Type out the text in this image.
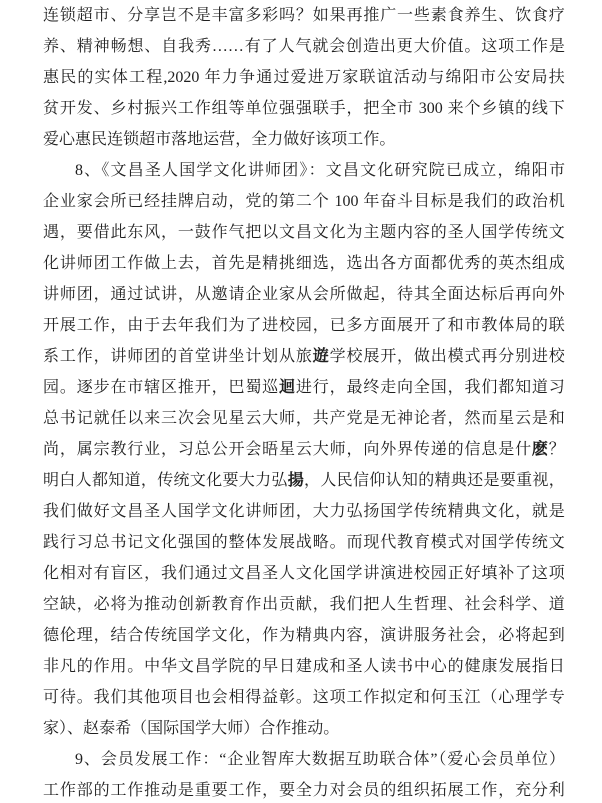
连锁超市、分享岂不是丰富多彩吗？如果再推广一些素食养生、饮食疗
养、精神畅想、自我秀……有了人气就会创造出更大价值。这项工作是
惠民的实体工程,2020 年力争通过爱进万家联谊活动与绵阳市公安局扶
贫开发、乡村振兴工作组等单位强强联手，把全市 300 来个乡镇的线下
爱心惠民连锁超市落地运营，全力做好该项工作。
8、《文昌圣人国学文化讲师团》：文昌文化研究院已成立，绵阳市
企业家会所已经挂牌启动，党的第二个 100 年奋斗目标是我们的政治机
遇，要借此东风，一鼓作气把以文昌文化为主题内容的圣人国学传统文
化讲师团工作做上去，首先是精挑细选，选出各方面都优秀的英杰组成
讲师团，通过试讲，从邀请企业家从会所做起，待其全面达标后再向外
开展工作，由于去年我们为了进校园，已多方面展开了和市教体局的联
系工作，讲师团的首堂讲坐计划从旅遊学校展开，做出模式再分别进校
园。逐步在市辖区推开，巴蜀巡迴进行，最终走向全国，我们都知道习
总书记就任以来三次会见星云大师，共产党是无神论者，然而星云是和
尚，属宗教行业，习总公开会晤星云大师，向外界传递的信息是什麽？
明白人都知道，传统文化要大力弘揚，人民信仰认知的精典还是要重视，
我们做好文昌圣人国学文化讲师团，大力弘扬国学传统精典文化，就是
践行习总书记文化强国的整体发展战略。而现代教育模式对国学传统文
化相对有盲区，我们通过文昌圣人文化国学讲演进校园正好填补了这项
空缺，必将为推动创新教育作出贡献，我们把人生哲理、社会科学、道
德伦理，结合传统国学文化，作为精典内容，演讲服务社会，必将起到
非凡的作用。中华文昌学院的早日建成和圣人读书中心的健康发展指日
可待。我们其他项目也会相得益彰。这项工作拟定和何玉江（心理学专
家）、赵泰希（国际国学大师）合作推动。
9、会员发展工作：“企业智库大数据互助联合体”（爱心会员单位）
工作部的工作推动是重要工作，要全力对会员的组织拓展工作，充分利
